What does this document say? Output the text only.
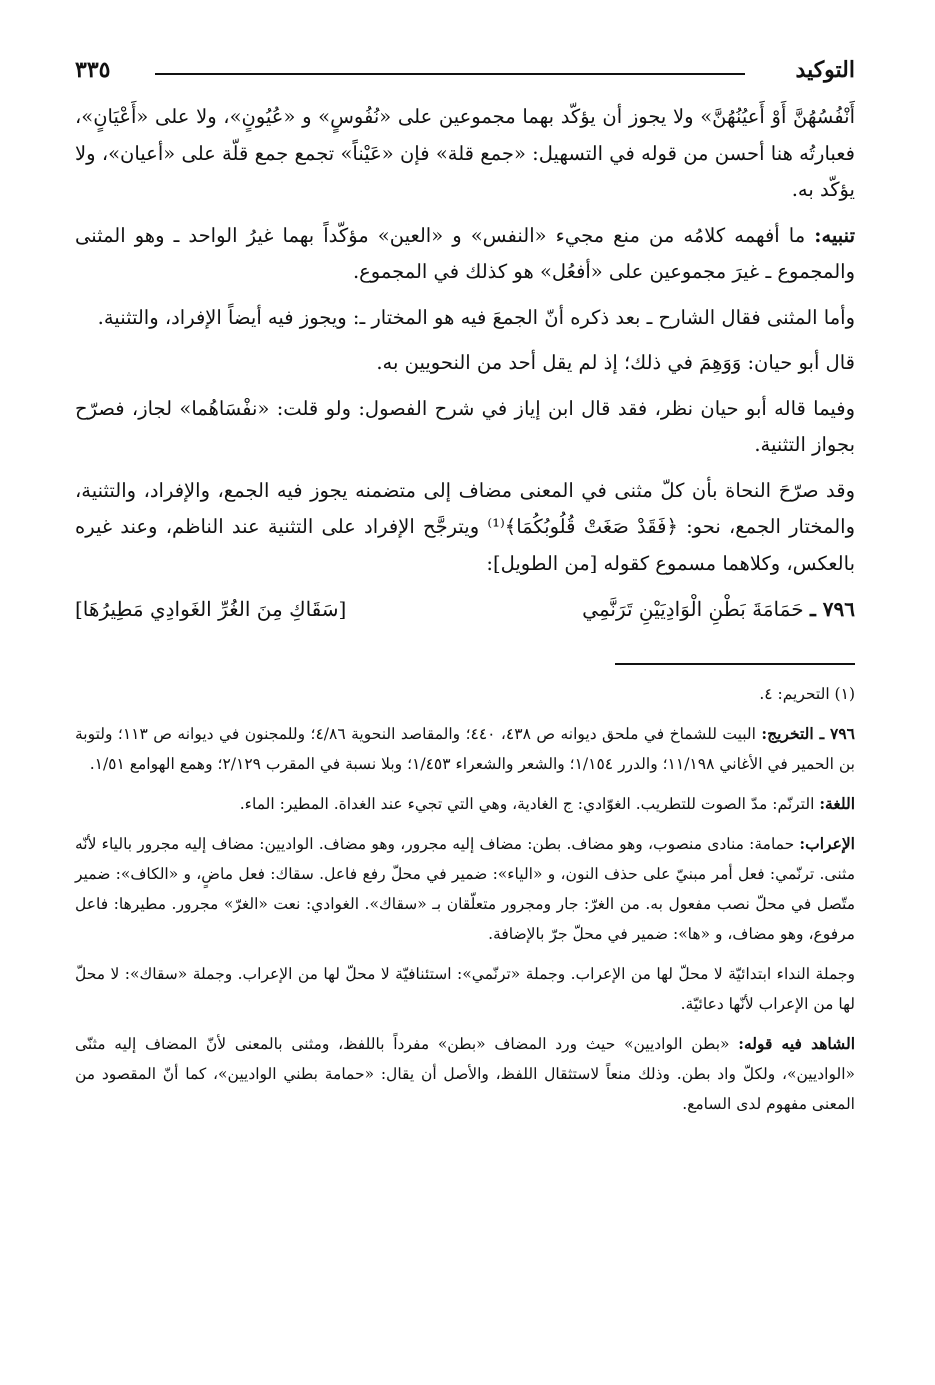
التوكيد
٣٣٥

أَنْفُسُهُنَّ أَوْ أَعيُنُهُنَّ» ولا يجوز أن يؤكّد بهما مجموعين على «نُفُوسٍ» و «عُيُونٍ»، ولا على «أَعْيَانٍ»، فعبارتُه هنا أحسن من قوله في التسهيل: «جمع قلة» فإن «عَيْناً» تجمع جمع قلّة على «أعيان»، ولا يؤكّد به.

تنبيه: ما أفهمه كلامُه من منع مجيء «النفس» و «العين» مؤكّداً بهما غيرُ الواحد ـ وهو المثنى والمجموع ـ غيرَ مجموعين على «أفعُل» هو كذلك في المجموع.

وأما المثنى فقال الشارح ـ بعد ذكره أنّ الجمعَ فيه هو المختار ـ: ويجوز فيه أيضاً الإفراد، والتثنية.

قال أبو حيان: وَوَهِمَ في ذلك؛ إذ لم يقل أحد من النحويين به.

وفيما قاله أبو حيان نظر، فقد قال ابن إياز في شرح الفصول: ولو قلت: «نفْسَاهُما» لجاز، فصرّح بجواز التثنية.

وقد صرّحَ النحاة بأن كلّ مثنى في المعنى مضاف إلى متضمنه يجوز فيه الجمع، والإفراد، والتثنية، والمختار الجمع، نحو: ﴿فَقَدْ صَغَتْ قُلُوبُكُمَا﴾⁽¹⁾ ويترجَّح الإفراد على التثنية عند الناظم، وعند غيره بالعكس، وكلاهما مسموع كقوله [من الطويل]:

٧٩٦ ـ حَمَامَةَ بَطْنِ الْوَادِيَيْنِ تَرَنَّمِي
[سَقَاكِ مِنَ الغُرِّ الغَوادِي مَطِيرُهَا]

(١) التحريم: ٤.

٧٩٦ ـ التخريج: البيت للشماخ في ملحق ديوانه ص ٤٣٨، ٤٤٠؛ والمقاصد النحوية ٤/٨٦؛ وللمجنون في ديوانه ص ١١٣؛ ولتوبة بن الحمير في الأغاني ١١/١٩٨؛ والدرر ١/١٥٤؛ والشعر والشعراء ١/٤٥٣؛ وبلا نسبة في المقرب ٢/١٢٩؛ وهمع الهوامع ١/٥١.

اللغة: الترنّم: مدّ الصوت للتطريب. الغوّادي: ج الغادية، وهي التي تجيء عند الغداة. المطير: الماء.

الإعراب: حمامة: منادى منصوب، وهو مضاف. بطن: مضاف إليه مجرور، وهو مضاف. الواديين: مضاف إليه مجرور بالياء لأنّه مثنى. ترنّمي: فعل أمر مبنيّ على حذف النون، و «الياء»: ضمير في محلّ رفع فاعل. سقاك: فعل ماضٍ، و «الكاف»: ضمير متّصل في محلّ نصب مفعول به. من الغرّ: جار ومجرور متعلّقان بـ «سقاك». الغوادي: نعت «الغرّ» مجرور. مطيرها: فاعل مرفوع، وهو مضاف، و «ها»: ضمير في محلّ جرّ بالإضافة.

وجملة النداء ابتدائيّة لا محلّ لها من الإعراب. وجملة «ترنّمي»: استئنافيّة لا محلّ لها من الإعراب. وجملة «سقاك»: لا محلّ لها من الإعراب لأنّها دعائيّة.

الشاهد فيه قوله: «بطن الواديين» حيث ورد المضاف «بطن» مفرداً باللفظ، ومثنى بالمعنى لأنّ المضاف إليه مثنّى «الواديين»، ولكلّ واد بطن. وذلك منعاً لاستثقال اللفظ، والأصل أن يقال: «حمامة بطني الواديين»، كما أنّ المقصود من المعنى مفهوم لدى السامع.
